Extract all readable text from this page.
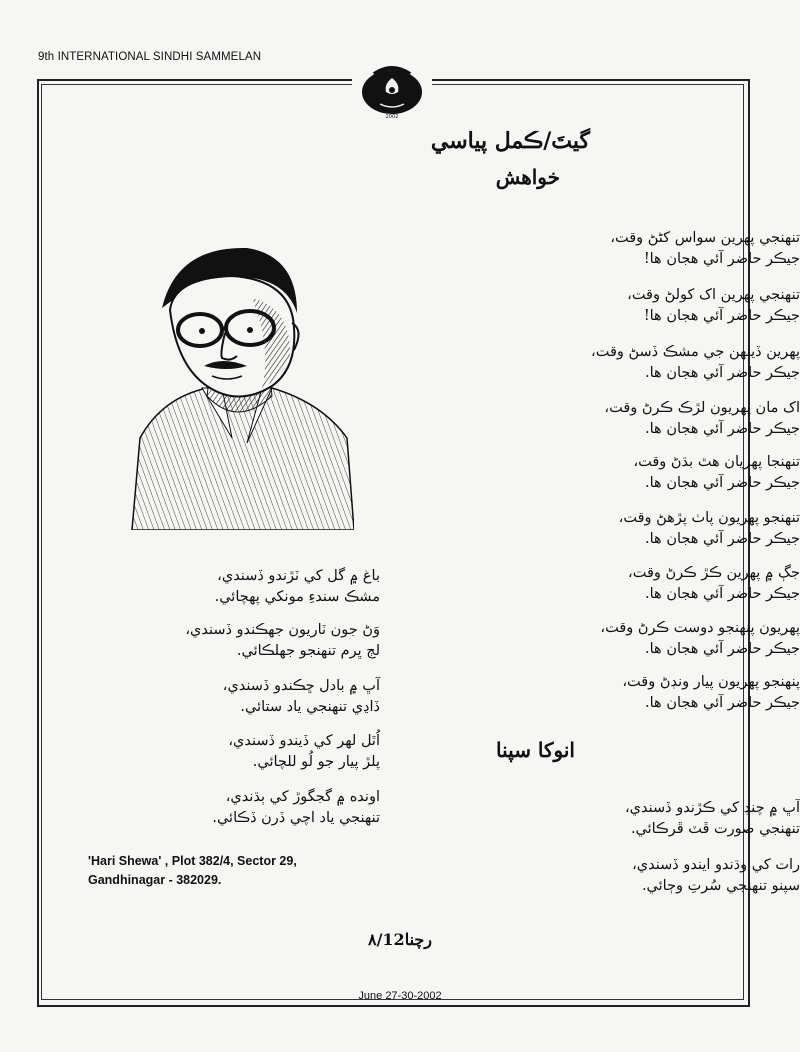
9th INTERNATIONAL SINDHI SAMMELAN
2002
گيتَ/ڪمل پياسي
خواهش
تنهنجي پهرين سواس کڻڻ وقت،
جيڪر حاضر آئي هجان ها!
تنهنجي پهرين اک کولڻ وقت،
جيڪر حاضر آئي هجان ها!
پهرين ڏينهن جي مشڪ ڏسڻ وقت،
جيڪر حاضر آئي هجان ها.
اک مان پهريون لڙڪ ڪرڻ وقت،
جيڪر حاضر آئي هجان ها.
تنهنجا پهريان هٿ بڌڻ وقت،
جيڪر حاضر آئي هجان ها.
تنهنجو پهريون پاٺ پڙهڻ وقت،
جيڪر حاضر آئي هجان ها.
جڳ ۾ پهرين ڪڙ ڪرڻ وقت،
جيڪر حاضر آئي هجان ها.
پهريون پنهنجو دوست ڪرڻ وقت،
جيڪر حاضر آئي هجان ها.
پنهنجو پهريون پيار ونڊڻ وقت،
جيڪر حاضر آئي هجان ها.
انوکا سپنا
آڀ ۾ چنڊ کي ڪڙندو ڏسندي،
تنهنجي صورت ڦٽ ڦرڪائي.
رات کي وڌندو ايندو ڏسندي،
سپنو تنهنجي سُرتِ وڄائي.
باغ ۾ گل کي ٽڙندو ڏسندي،
مشڪ سندءِ مونکي پهچائي.
وَڻ جون ٽاريون جهڪندو ڏسندي،
لڄ ڀرم تنهنجو جهلڪائي.
آڀ ۾ بادل ڇڪندو ڏسندي،
ڏاڍي تنهنجي ياد ستائي.
اُٿل لهر کي ڏيندو ڏسندي،
پلڙ پيار جو لُو للچائي.
اونده ۾ گجگوڙ کي ٻڌندي،
تنهنجي ياد اچي ڏرن ڏڪائي.
'Hari Shewa' , Plot 382/4, Sector 29,
Gandhinagar - 382029.
رچنا۸/12
June 27-30-2002
